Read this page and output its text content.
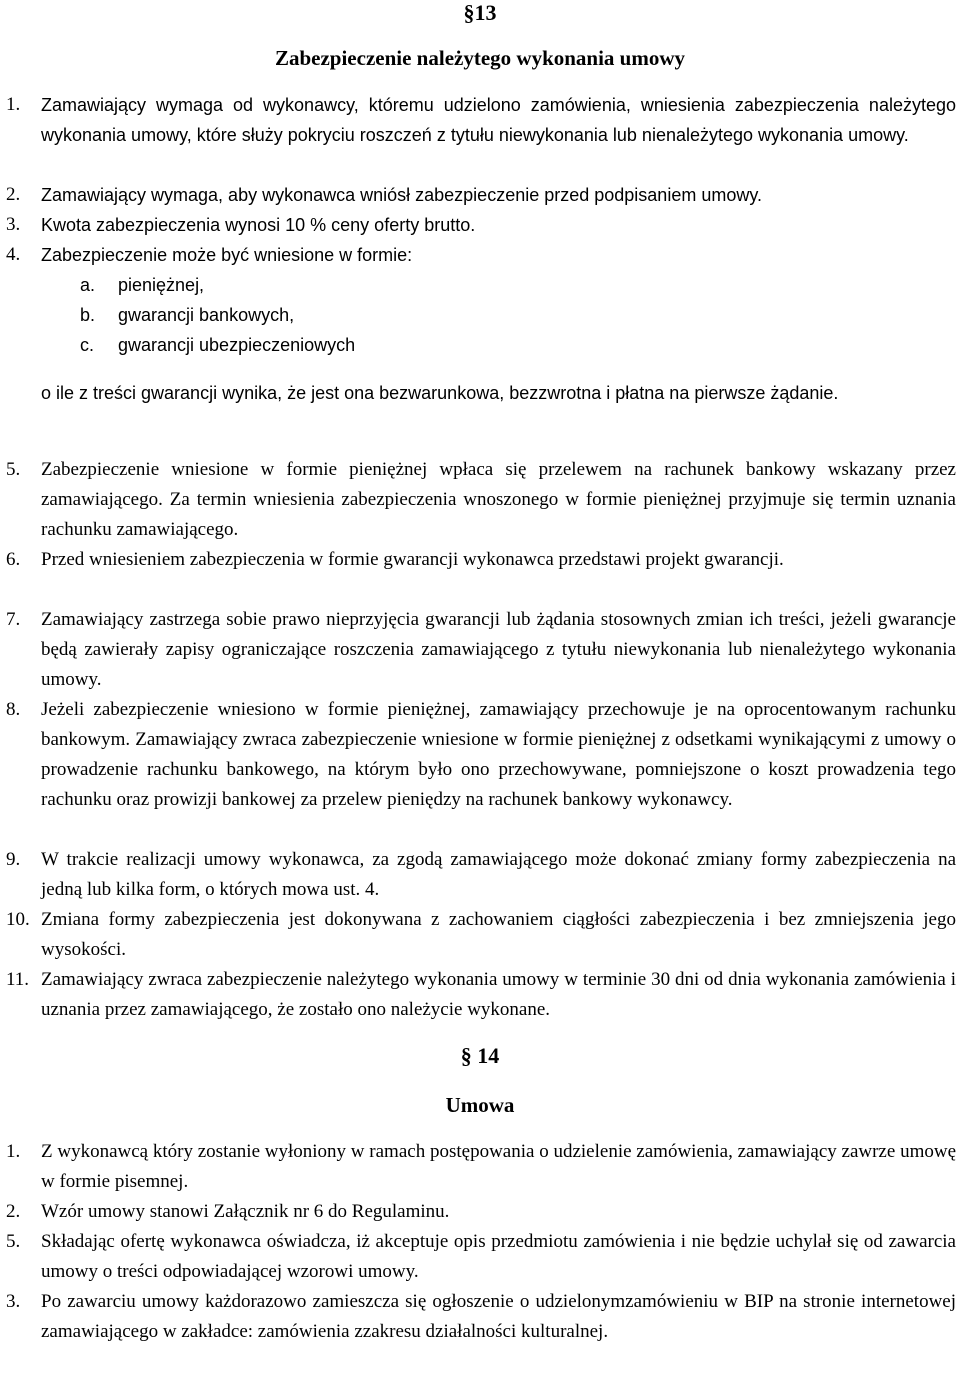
§13
Zabezpieczenie należytego wykonania umowy
1.	Zamawiający wymaga od wykonawcy, któremu udzielono zamówienia, wniesienia zabezpieczenia należytego wykonania umowy, które służy pokryciu roszczeń z tytułu niewykonania lub nienależytego wykonania umowy.
2.	Zamawiający wymaga, aby wykonawca wniósł zabezpieczenie przed podpisaniem umowy.
3.	Kwota zabezpieczenia wynosi 10 % ceny oferty brutto.
4.	Zabezpieczenie może być wniesione w formie:
a.	pieniężnej,
b.	gwarancji bankowych,
c.	gwarancji ubezpieczeniowych
o ile z treści gwarancji wynika, że jest ona bezwarunkowa, bezzwrotna i płatna na pierwsze żądanie.
5.	Zabezpieczenie wniesione w formie pieniężnej wpłaca się przelewem na rachunek bankowy wskazany przez zamawiającego. Za termin wniesienia zabezpieczenia wnoszonego w formie pieniężnej przyjmuje się termin uznania rachunku zamawiającego.
6.	Przed wniesieniem zabezpieczenia w formie gwarancji wykonawca przedstawi projekt gwarancji.
7.	Zamawiający zastrzega sobie prawo nieprzyjęcia gwarancji lub żądania stosownych zmian ich treści, jeżeli gwarancje będą zawierały zapisy ograniczające roszczenia zamawiającego z tytułu niewykonania lub nienależytego wykonania umowy.
8.	Jeżeli zabezpieczenie wniesiono w formie pieniężnej, zamawiający przechowuje je na oprocentowanym rachunku bankowym. Zamawiający zwraca zabezpieczenie wniesione w formie pieniężnej z odsetkami wynikającymi z umowy o prowadzenie rachunku bankowego, na którym było ono przechowywane, pomniejszone o koszt prowadzenia tego rachunku oraz prowizji bankowej za przelew pieniędzy na rachunek bankowy wykonawcy.
9.	W trakcie realizacji umowy wykonawca, za zgodą zamawiającego może dokonać zmiany formy zabezpieczenia na jedną lub kilka form, o których mowa ust. 4.
10. Zmiana formy zabezpieczenia jest dokonywana z zachowaniem ciągłości zabezpieczenia i bez zmniejszenia jego wysokości.
11. Zamawiający zwraca zabezpieczenie należytego wykonania umowy w terminie 30 dni od dnia wykonania zamówienia i uznania przez zamawiającego, że zostało ono należycie wykonane.
§ 14
Umowa
1.	Z wykonawcą który zostanie wyłoniony w ramach postępowania o udzielenie zamówienia, zamawiający zawrze umowę w formie pisemnej.
2.	Wzór umowy stanowi Załącznik nr 6 do Regulaminu.
5.	Składając ofertę wykonawca oświadcza, iż akceptuje opis przedmiotu zamówienia i nie będzie uchylał się od zawarcia umowy o treści odpowiadającej wzorowi umowy.
3.	Po zawarciu umowy każdorazowo zamieszcza się ogłoszenie o udzielonymzamówieniu w BIP na stronie internetowej zamawiającego w zakładce: zamówienia zzakresu działalności kulturalnej.
